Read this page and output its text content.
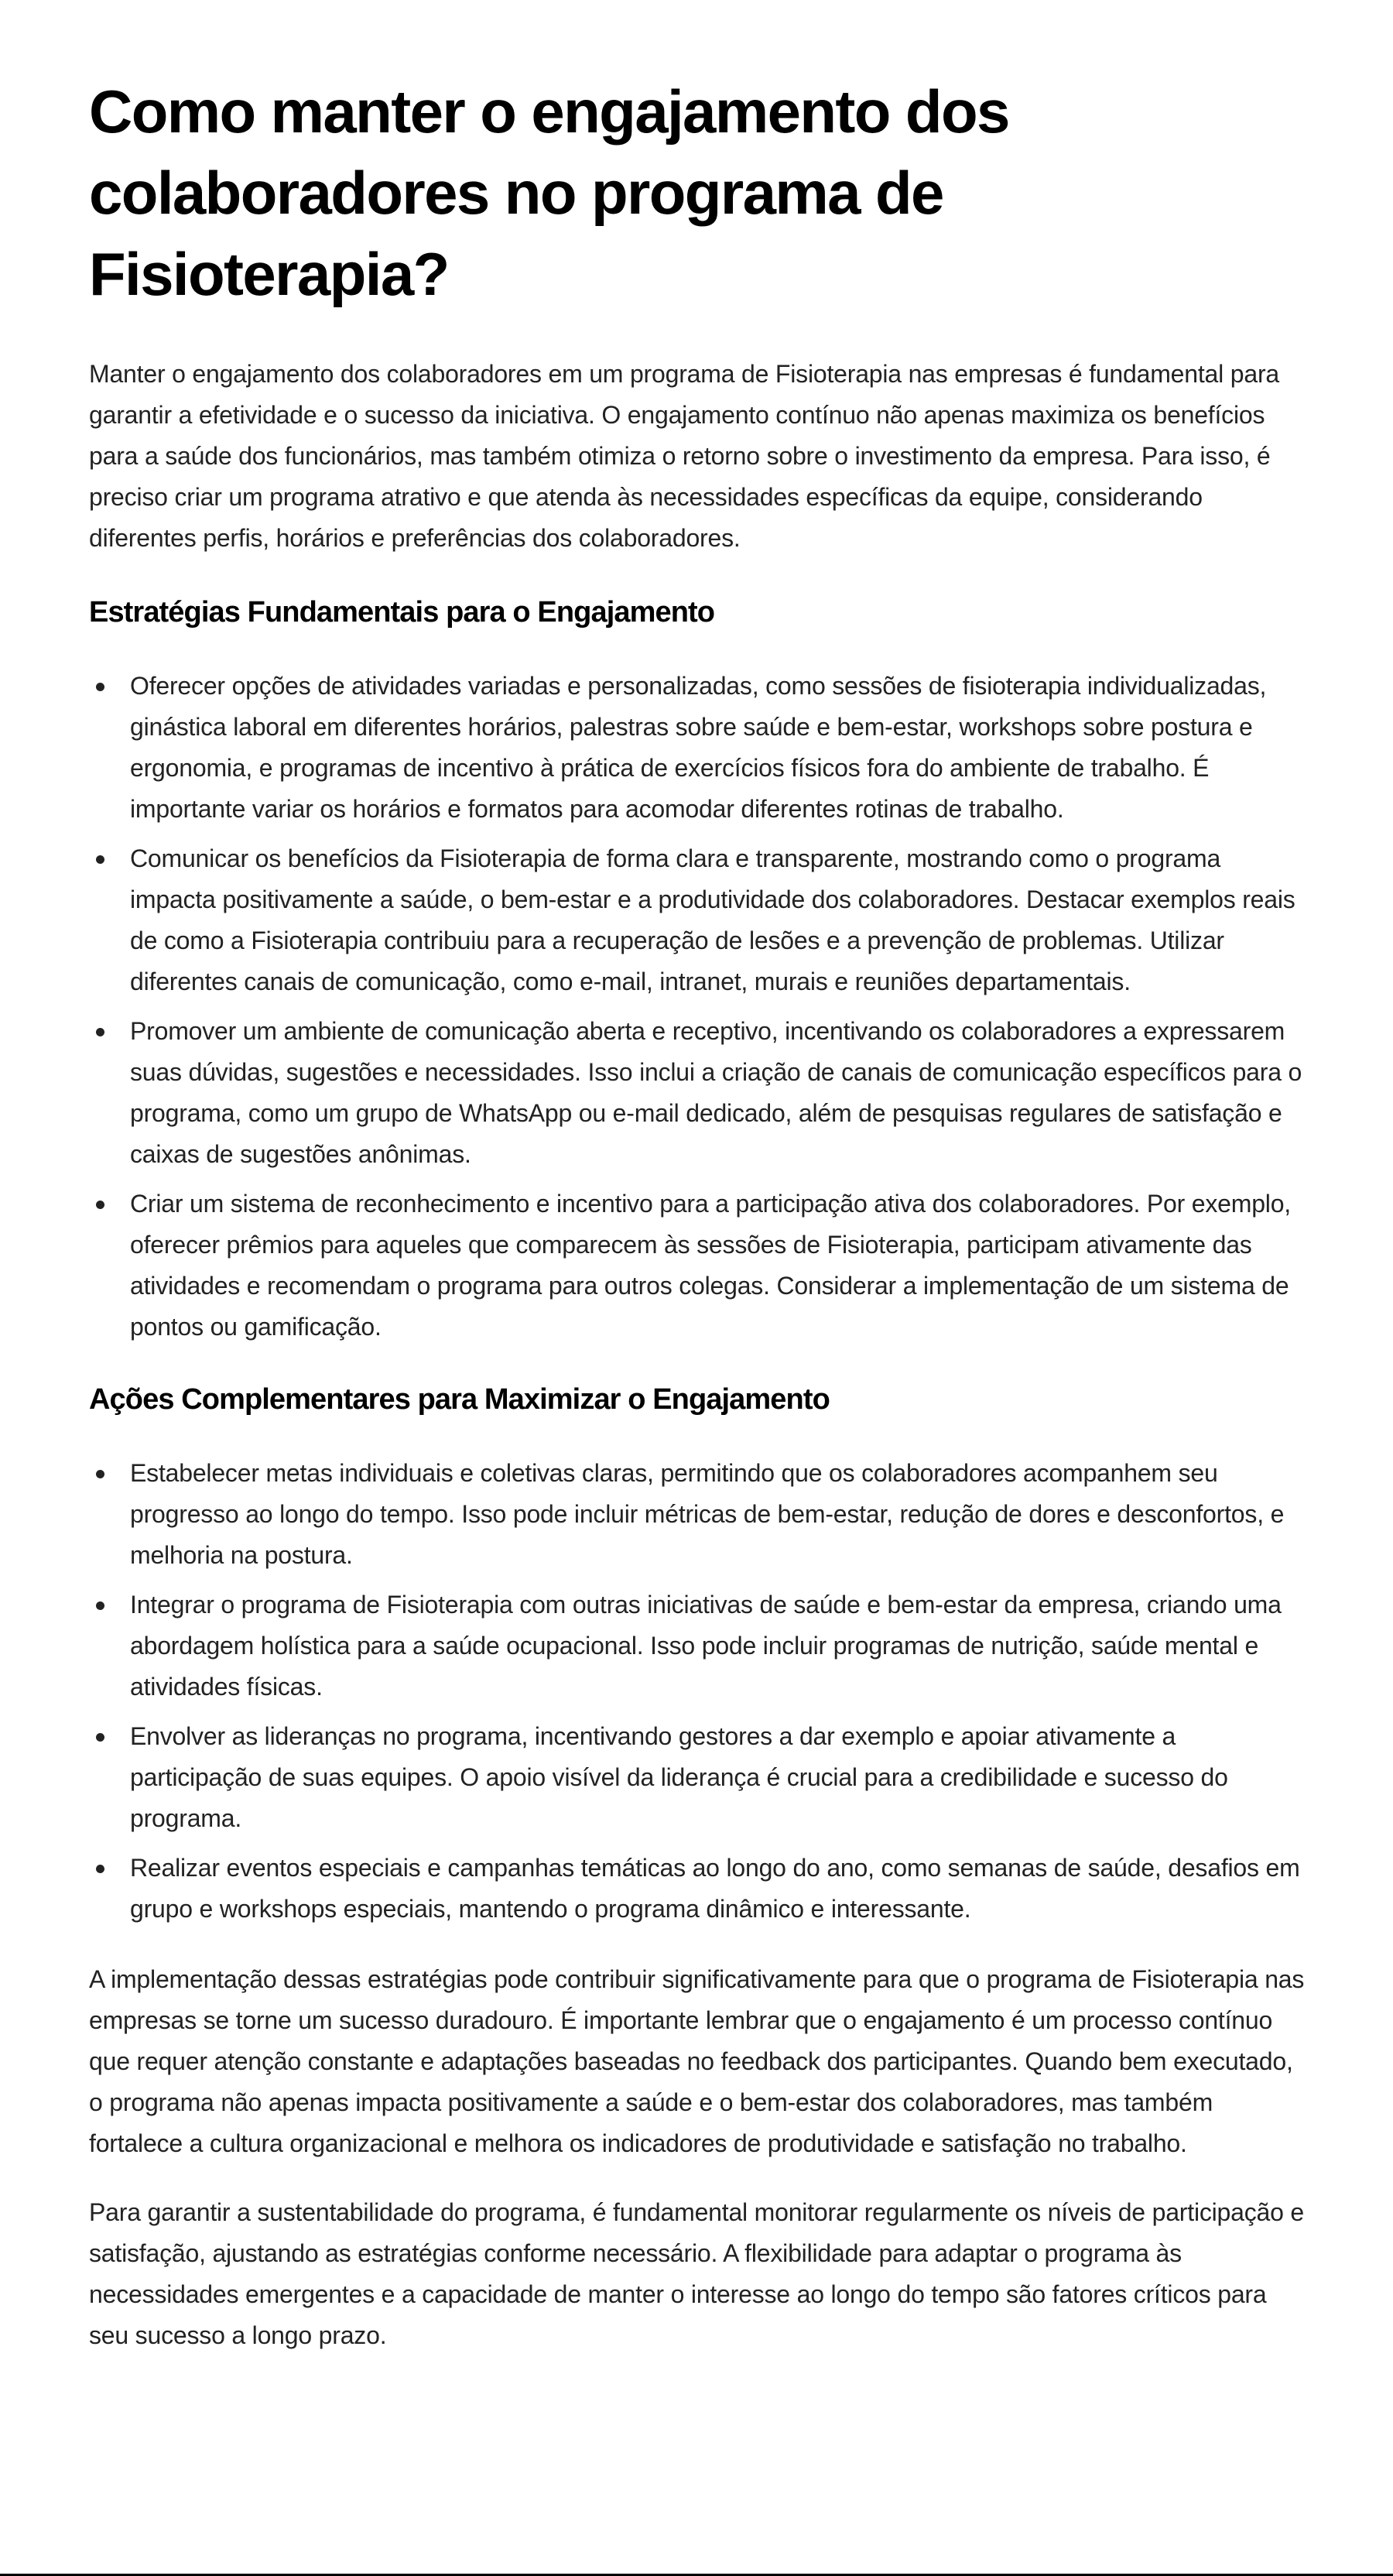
Como manter o engajamento dos colaboradores no programa de Fisioterapia?

Manter o engajamento dos colaboradores em um programa de Fisioterapia nas empresas é fundamental para garantir a efetividade e o sucesso da iniciativa. O engajamento contínuo não apenas maximiza os benefícios para a saúde dos funcionários, mas também otimiza o retorno sobre o investimento da empresa. Para isso, é preciso criar um programa atrativo e que atenda às necessidades específicas da equipe, considerando diferentes perfis, horários e preferências dos colaboradores.

Estratégias Fundamentais para o Engajamento
Oferecer opções de atividades variadas e personalizadas, como sessões de fisioterapia individualizadas, ginástica laboral em diferentes horários, palestras sobre saúde e bem-estar, workshops sobre postura e ergonomia, e programas de incentivo à prática de exercícios físicos fora do ambiente de trabalho. É importante variar os horários e formatos para acomodar diferentes rotinas de trabalho.
Comunicar os benefícios da Fisioterapia de forma clara e transparente, mostrando como o programa impacta positivamente a saúde, o bem-estar e a produtividade dos colaboradores. Destacar exemplos reais de como a Fisioterapia contribuiu para a recuperação de lesões e a prevenção de problemas. Utilizar diferentes canais de comunicação, como e-mail, intranet, murais e reuniões departamentais.
Promover um ambiente de comunicação aberta e receptivo, incentivando os colaboradores a expressarem suas dúvidas, sugestões e necessidades. Isso inclui a criação de canais de comunicação específicos para o programa, como um grupo de WhatsApp ou e-mail dedicado, além de pesquisas regulares de satisfação e caixas de sugestões anônimas.
Criar um sistema de reconhecimento e incentivo para a participação ativa dos colaboradores. Por exemplo, oferecer prêmios para aqueles que comparecem às sessões de Fisioterapia, participam ativamente das atividades e recomendam o programa para outros colegas. Considerar a implementação de um sistema de pontos ou gamificação.
Ações Complementares para Maximizar o Engajamento
Estabelecer metas individuais e coletivas claras, permitindo que os colaboradores acompanhem seu progresso ao longo do tempo. Isso pode incluir métricas de bem-estar, redução de dores e desconfortos, e melhoria na postura.
Integrar o programa de Fisioterapia com outras iniciativas de saúde e bem-estar da empresa, criando uma abordagem holística para a saúde ocupacional. Isso pode incluir programas de nutrição, saúde mental e atividades físicas.
Envolver as lideranças no programa, incentivando gestores a dar exemplo e apoiar ativamente a participação de suas equipes. O apoio visível da liderança é crucial para a credibilidade e sucesso do programa.
Realizar eventos especiais e campanhas temáticas ao longo do ano, como semanas de saúde, desafios em grupo e workshops especiais, mantendo o programa dinâmico e interessante.

A implementação dessas estratégias pode contribuir significativamente para que o programa de Fisioterapia nas empresas se torne um sucesso duradouro. É importante lembrar que o engajamento é um processo contínuo que requer atenção constante e adaptações baseadas no feedback dos participantes. Quando bem executado, o programa não apenas impacta positivamente a saúde e o bem-estar dos colaboradores, mas também fortalece a cultura organizacional e melhora os indicadores de produtividade e satisfação no trabalho.

Para garantir a sustentabilidade do programa, é fundamental monitorar regularmente os níveis de participação e satisfação, ajustando as estratégias conforme necessário. A flexibilidade para adaptar o programa às necessidades emergentes e a capacidade de manter o interesse ao longo do tempo são fatores críticos para seu sucesso a longo prazo.
